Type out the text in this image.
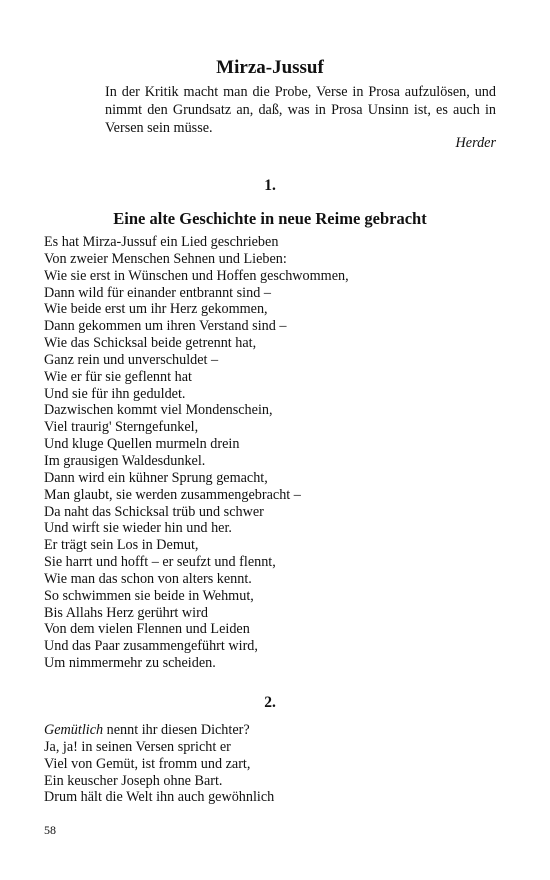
Mirza-Jussuf

In der Kritik macht man die Probe, Verse in Prosa aufzulösen, und nimmt den Grundsatz an, daß, was in Prosa Unsinn ist, es auch in Versen sein müsse.

Herder

1.
Eine alte Geschichte in neue Reime gebracht
Es hat Mirza-Jussuf ein Lied geschrieben
Von zweier Menschen Sehnen und Lieben:
Wie sie erst in Wünschen und Hoffen geschwommen,
Dann wild für einander entbrannt sind –
Wie beide erst um ihr Herz gekommen,
Dann gekommen um ihren Verstand sind –
Wie das Schicksal beide getrennt hat,
Ganz rein und unverschuldet –
Wie er für sie geflennt hat
Und sie für ihn geduldet.
Dazwischen kommt viel Mondenschein,
Viel traurig' Sterngefunkel,
Und kluge Quellen murmeln drein
Im grausigen Waldesdunkel.
Dann wird ein kühner Sprung gemacht,
Man glaubt, sie werden zusammengebracht –
Da naht das Schicksal trüb und schwer
Und wirft sie wieder hin und her.
Er trägt sein Los in Demut,
Sie harrt und hofft – er seufzt und flennt,
Wie man das schon von alters kennt.
So schwimmen sie beide in Wehmut,
Bis Allahs Herz gerührt wird
Von dem vielen Flennen und Leiden
Und das Paar zusammengeführt wird,
Um nimmermehr zu scheiden.
2.
Gemütlich nennt ihr diesen Dichter?
Ja, ja! in seinen Versen spricht er
Viel von Gemüt, ist fromm und zart,
Ein keuscher Joseph ohne Bart.
Drum hält die Welt ihn auch gewöhnlich
58
